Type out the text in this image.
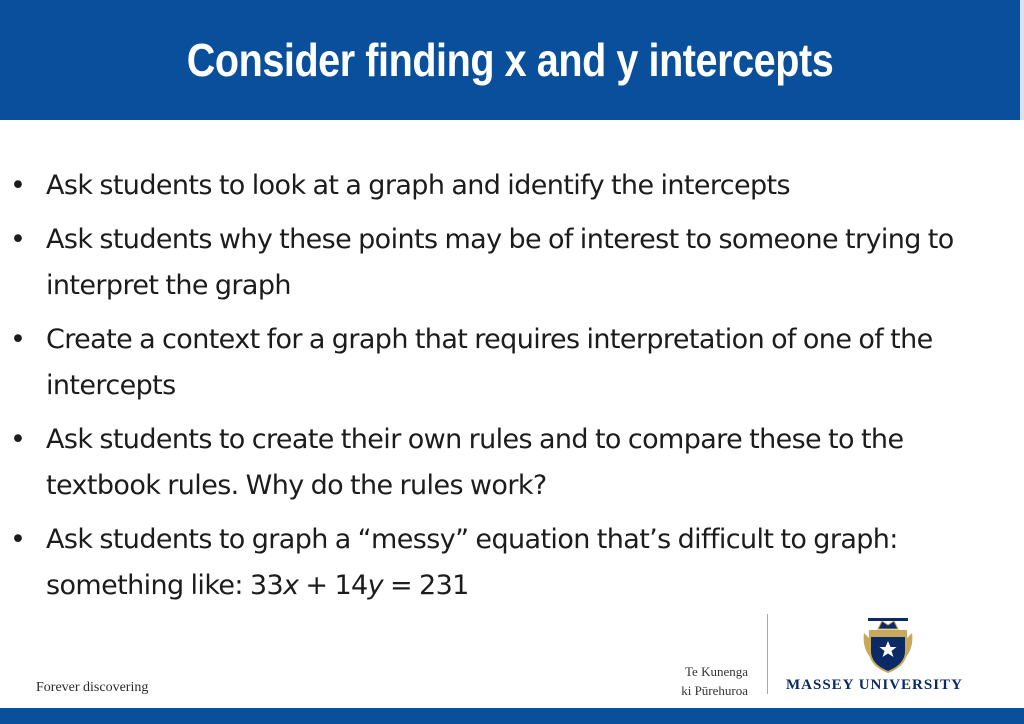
Consider finding x and y intercepts
• Ask students to look at a graph and identify the intercepts
• Ask students why these points may be of interest to someone trying to interpret the graph
• Create a context for a graph that requires interpretation of one of the intercepts
• Ask students to create their own rules and to compare these to the textbook rules. Why do the rules work?
• Ask students to graph a “messy” equation that’s difficult to graph: something like: 33x + 14y = 231
Forever discovering
Te Kunenga
ki Pūrehuroa	MASSEY UNIVERSITY
